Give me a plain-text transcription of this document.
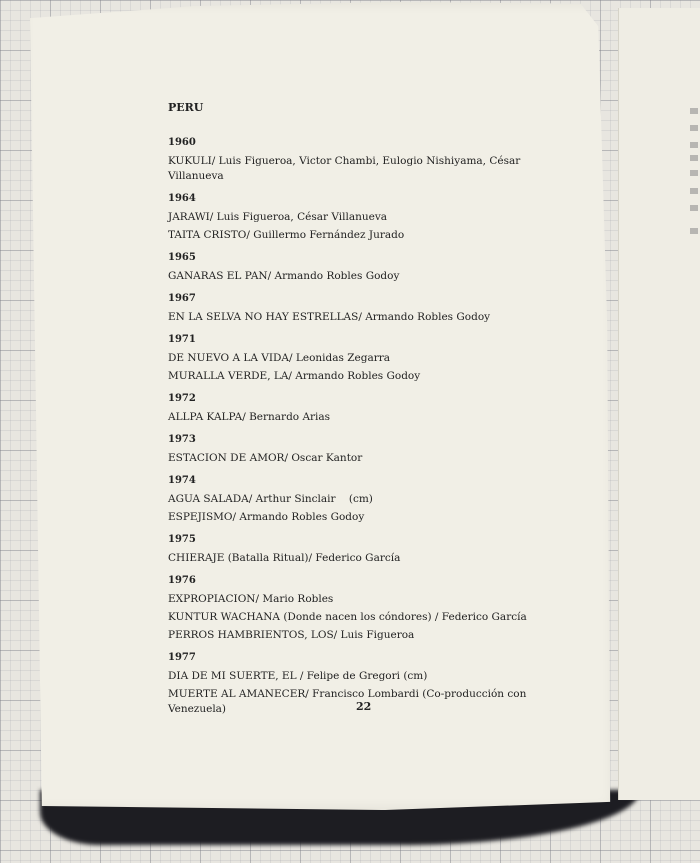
PERU
1960
KUKULI/ Luis Figueroa, Victor Chambi, Eulogio Nishiyama, César Villanueva
1964
JARAWI/ Luis Figueroa, César Villanueva
TAITA CRISTO/ Guillermo Fernández Jurado
1965
GANARAS EL PAN/ Armando Robles Godoy
1967
EN LA SELVA NO HAY ESTRELLAS/ Armando Robles Godoy
1971
DE NUEVO A LA VIDA/ Leonidas Zegarra
MURALLA VERDE, LA/ Armando Robles Godoy
1972
ALLPA KALPA/ Bernardo Arias
1973
ESTACION DE AMOR/ Oscar Kantor
1974
AGUA SALADA/ Arthur Sinclair    (cm)
ESPEJISMO/ Armando Robles Godoy
1975
CHIERAJE (Batalla Ritual)/ Federico García
1976
EXPROPIACION/ Mario Robles
KUNTUR WACHANA (Donde nacen los cóndores) / Federico García
PERROS HAMBRIENTOS, LOS/ Luis Figueroa
1977
DIA DE MI SUERTE, EL / Felipe de Gregori (cm)
MUERTE AL AMANECER/ Francisco Lombardi (Co-producción con Venezuela)	22
